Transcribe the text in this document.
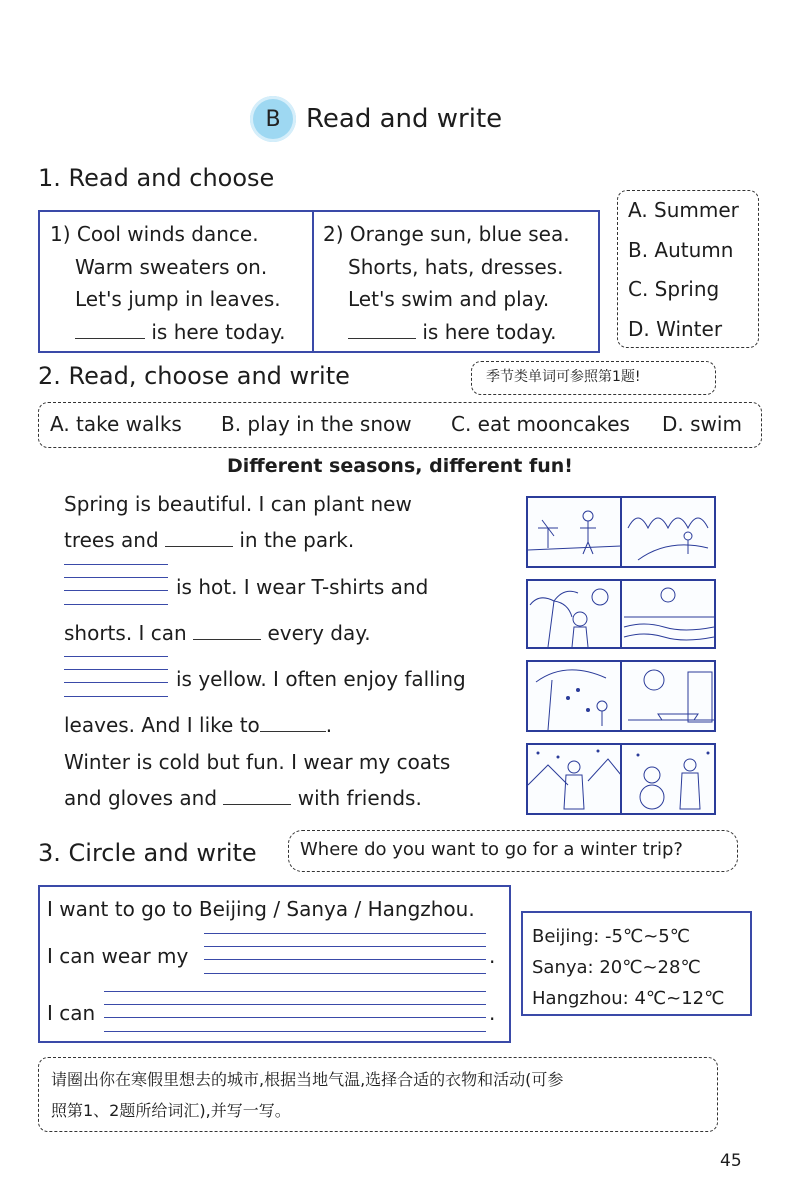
B Read and write
1. Read and choose
1) Cool winds dance.
Warm sweaters on.
Let's jump in leaves.
is here today.
2) Orange sun, blue sea.
Shorts, hats, dresses.
Let's swim and play.
is here today.
A. Summer
B. Autumn
C. Spring
D. Winter
2. Read, choose and write	季节类单词可参照第1题!
A. take walks B. play in the snow C. eat mooncakes D. swim
Different seasons, different fun!
Spring is beautiful. I can plant new
trees and	in the park.
is hot. I wear T-shirts and
shorts. I can	every day.
is yellow. I often enjoy falling
leaves. And I like to	.
Winter is cold but fun. I wear my coats
and gloves and	with friends.
3. Circle and write	Where do you want to go for a winter trip?
I want to go to Beijing / Sanya / Hangzhou.
I can wear my	.
I can	.
Beijing: -5℃~5℃
Sanya: 20℃~28℃
Hangzhou: 4℃~12℃
请圈出你在寒假里想去的城市,根据当地气温,选择合适的衣物和活动(可参
照第1、2题所给词汇),并写一写。
45
